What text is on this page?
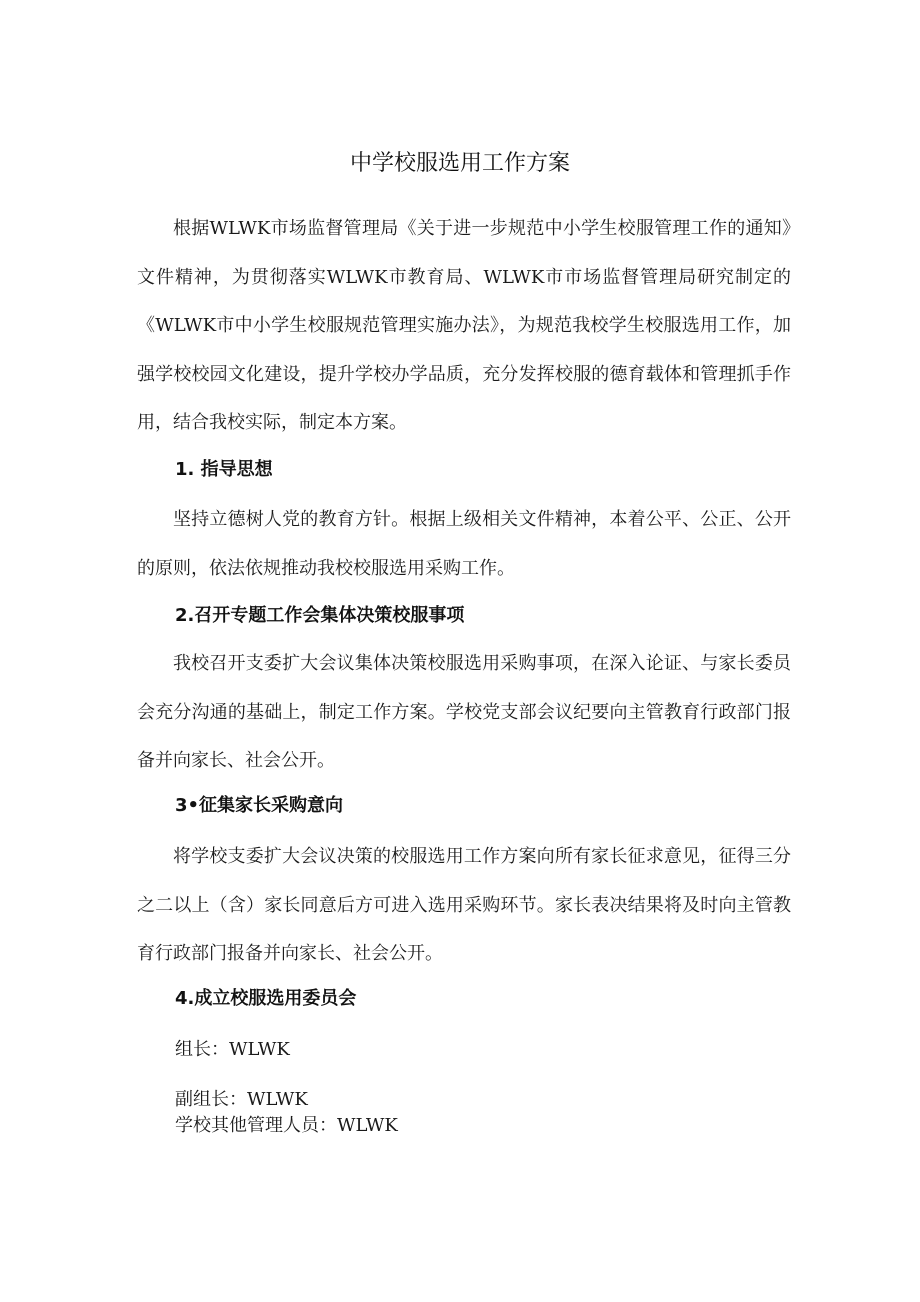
中学校服选用工作方案

根据WLWK市场监督管理局《关于进一步规范中小学生校服管理工作的通知》文件精神，为贯彻落实WLWK市教育局、WLWK市市场监督管理局研究制定的《WLWK市中小学生校服规范管理实施办法》，为规范我校学生校服选用工作，加强学校校园文化建设，提升学校办学品质，充分发挥校服的德育载体和管理抓手作用，结合我校实际，制定本方案。

1. 指导思想

坚持立德树人党的教育方针。根据上级相关文件精神，本着公平、公正、公开的原则，依法依规推动我校校服选用采购工作。

2.召开专题工作会集体决策校服事项

我校召开支委扩大会议集体决策校服选用采购事项，在深入论证、与家长委员会充分沟通的基础上，制定工作方案。学校党支部会议纪要向主管教育行政部门报备并向家长、社会公开。

3•征集家长采购意向

将学校支委扩大会议决策的校服选用工作方案向所有家长征求意见，征得三分之二以上（含）家长同意后方可进入选用采购环节。家长表决结果将及时向主管教育行政部门报备并向家长、社会公开。

4.成立校服选用委员会
组长：WLWK
副组长：WLWK
学校其他管理人员：WLWK
